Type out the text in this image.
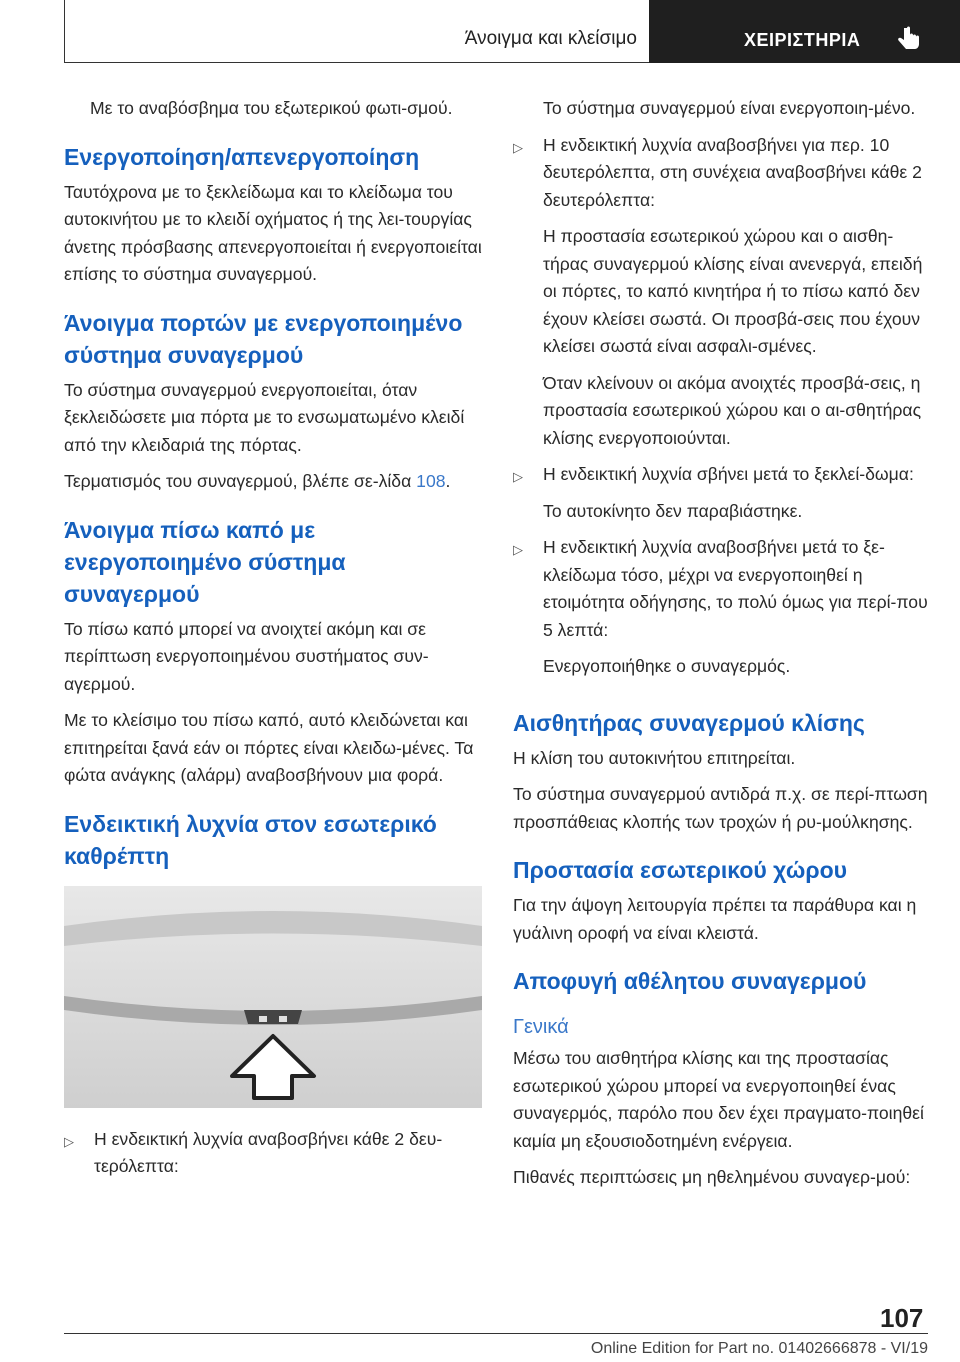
Άνοιγμα και κλείσιμο	ΧΕΙΡΙΣΤΗΡΙΑ

Με το αναβόσβημα του εξωτερικού φωτι-σμού.

Ενεργοποίηση/απενεργοποίηση

Ταυτόχρονα με το ξεκλείδωμα και το κλείδωμα του αυτοκινήτου με το κλειδί οχήματος ή της λει-τουργίας άνετης πρόσβασης απενεργοποιείται ή ενεργοποιείται επίσης το σύστημα συναγερμού.

Άνοιγμα πορτών με ενεργοποιημένο σύστημα συναγερμού

Το σύστημα συναγερμού ενεργοποιείται, όταν ξεκλειδώσετε μια πόρτα με το ενσωματωμένο κλειδί από την κλειδαριά της πόρτας.

Τερματισμός του συναγερμού, βλέπε σε-λίδα 108.

Άνοιγμα πίσω καπό με ενεργοποιημένο σύστημα συναγερμού

Το πίσω καπό μπορεί να ανοιχτεί ακόμη και σε περίπτωση ενεργοποιημένου συστήματος συν-αγερμού.

Με το κλείσιμο του πίσω καπό, αυτό κλειδώνεται και επιτηρείται ξανά εάν οι πόρτες είναι κλειδω-μένες. Τα φώτα ανάγκης (αλάρμ) αναβοσβήνουν μια φορά.

Ενδεικτική λυχνία στον εσωτερικό καθρέπτη
▷ Η ενδεικτική λυχνία αναβοσβήνει κάθε 2 δευ-τερόλεπτα:

Το σύστημα συναγερμού είναι ενεργοποιη-μένο.

▷ Η ενδεικτική λυχνία αναβοσβήνει για περ. 10 δευτερόλεπτα, στη συνέχεια αναβοσβήνει κάθε 2 δευτερόλεπτα:

Η προστασία εσωτερικού χώρου και ο αισθη-τήρας συναγερμού κλίσης είναι ανενεργά, επειδή οι πόρτες, το καπό κινητήρα ή το πίσω καπό δεν έχουν κλείσει σωστά. Οι προσβά-σεις που έχουν κλείσει σωστά είναι ασφαλι-σμένες.

Όταν κλείνουν οι ακόμα ανοιχτές προσβά-σεις, η προστασία εσωτερικού χώρου και ο αι-σθητήρας κλίσης ενεργοποιούνται.

▷ Η ενδεικτική λυχνία σβήνει μετά το ξεκλεί-δωμα:

Το αυτοκίνητο δεν παραβιάστηκε.

▷ Η ενδεικτική λυχνία αναβοσβήνει μετά το ξε-κλείδωμα τόσο, μέχρι να ενεργοποιηθεί η ετοιμότητα οδήγησης, το πολύ όμως για περί-που 5 λεπτά:

Ενεργοποιήθηκε ο συναγερμός.

Αισθητήρας συναγερμού κλίσης

Η κλίση του αυτοκινήτου επιτηρείται.

Το σύστημα συναγερμού αντιδρά π.χ. σε περί-πτωση προσπάθειας κλοπής των τροχών ή ρυ-μούλκησης.

Προστασία εσωτερικού χώρου

Για την άψογη λειτουργία πρέπει τα παράθυρα και η γυάλινη οροφή να είναι κλειστά.

Αποφυγή αθέλητου συναγερμού
Γενικά

Μέσω του αισθητήρα κλίσης και της προστασίας εσωτερικού χώρου μπορεί να ενεργοποιηθεί ένας συναγερμός, παρόλο που δεν έχει πραγματο-ποιηθεί καμία μη εξουσιοδοτημένη ενέργεια.

Πιθανές περιπτώσεις μη ηθελημένου συναγερ-μού:

107
Online Edition for Part no. 01402666878 - VI/19
